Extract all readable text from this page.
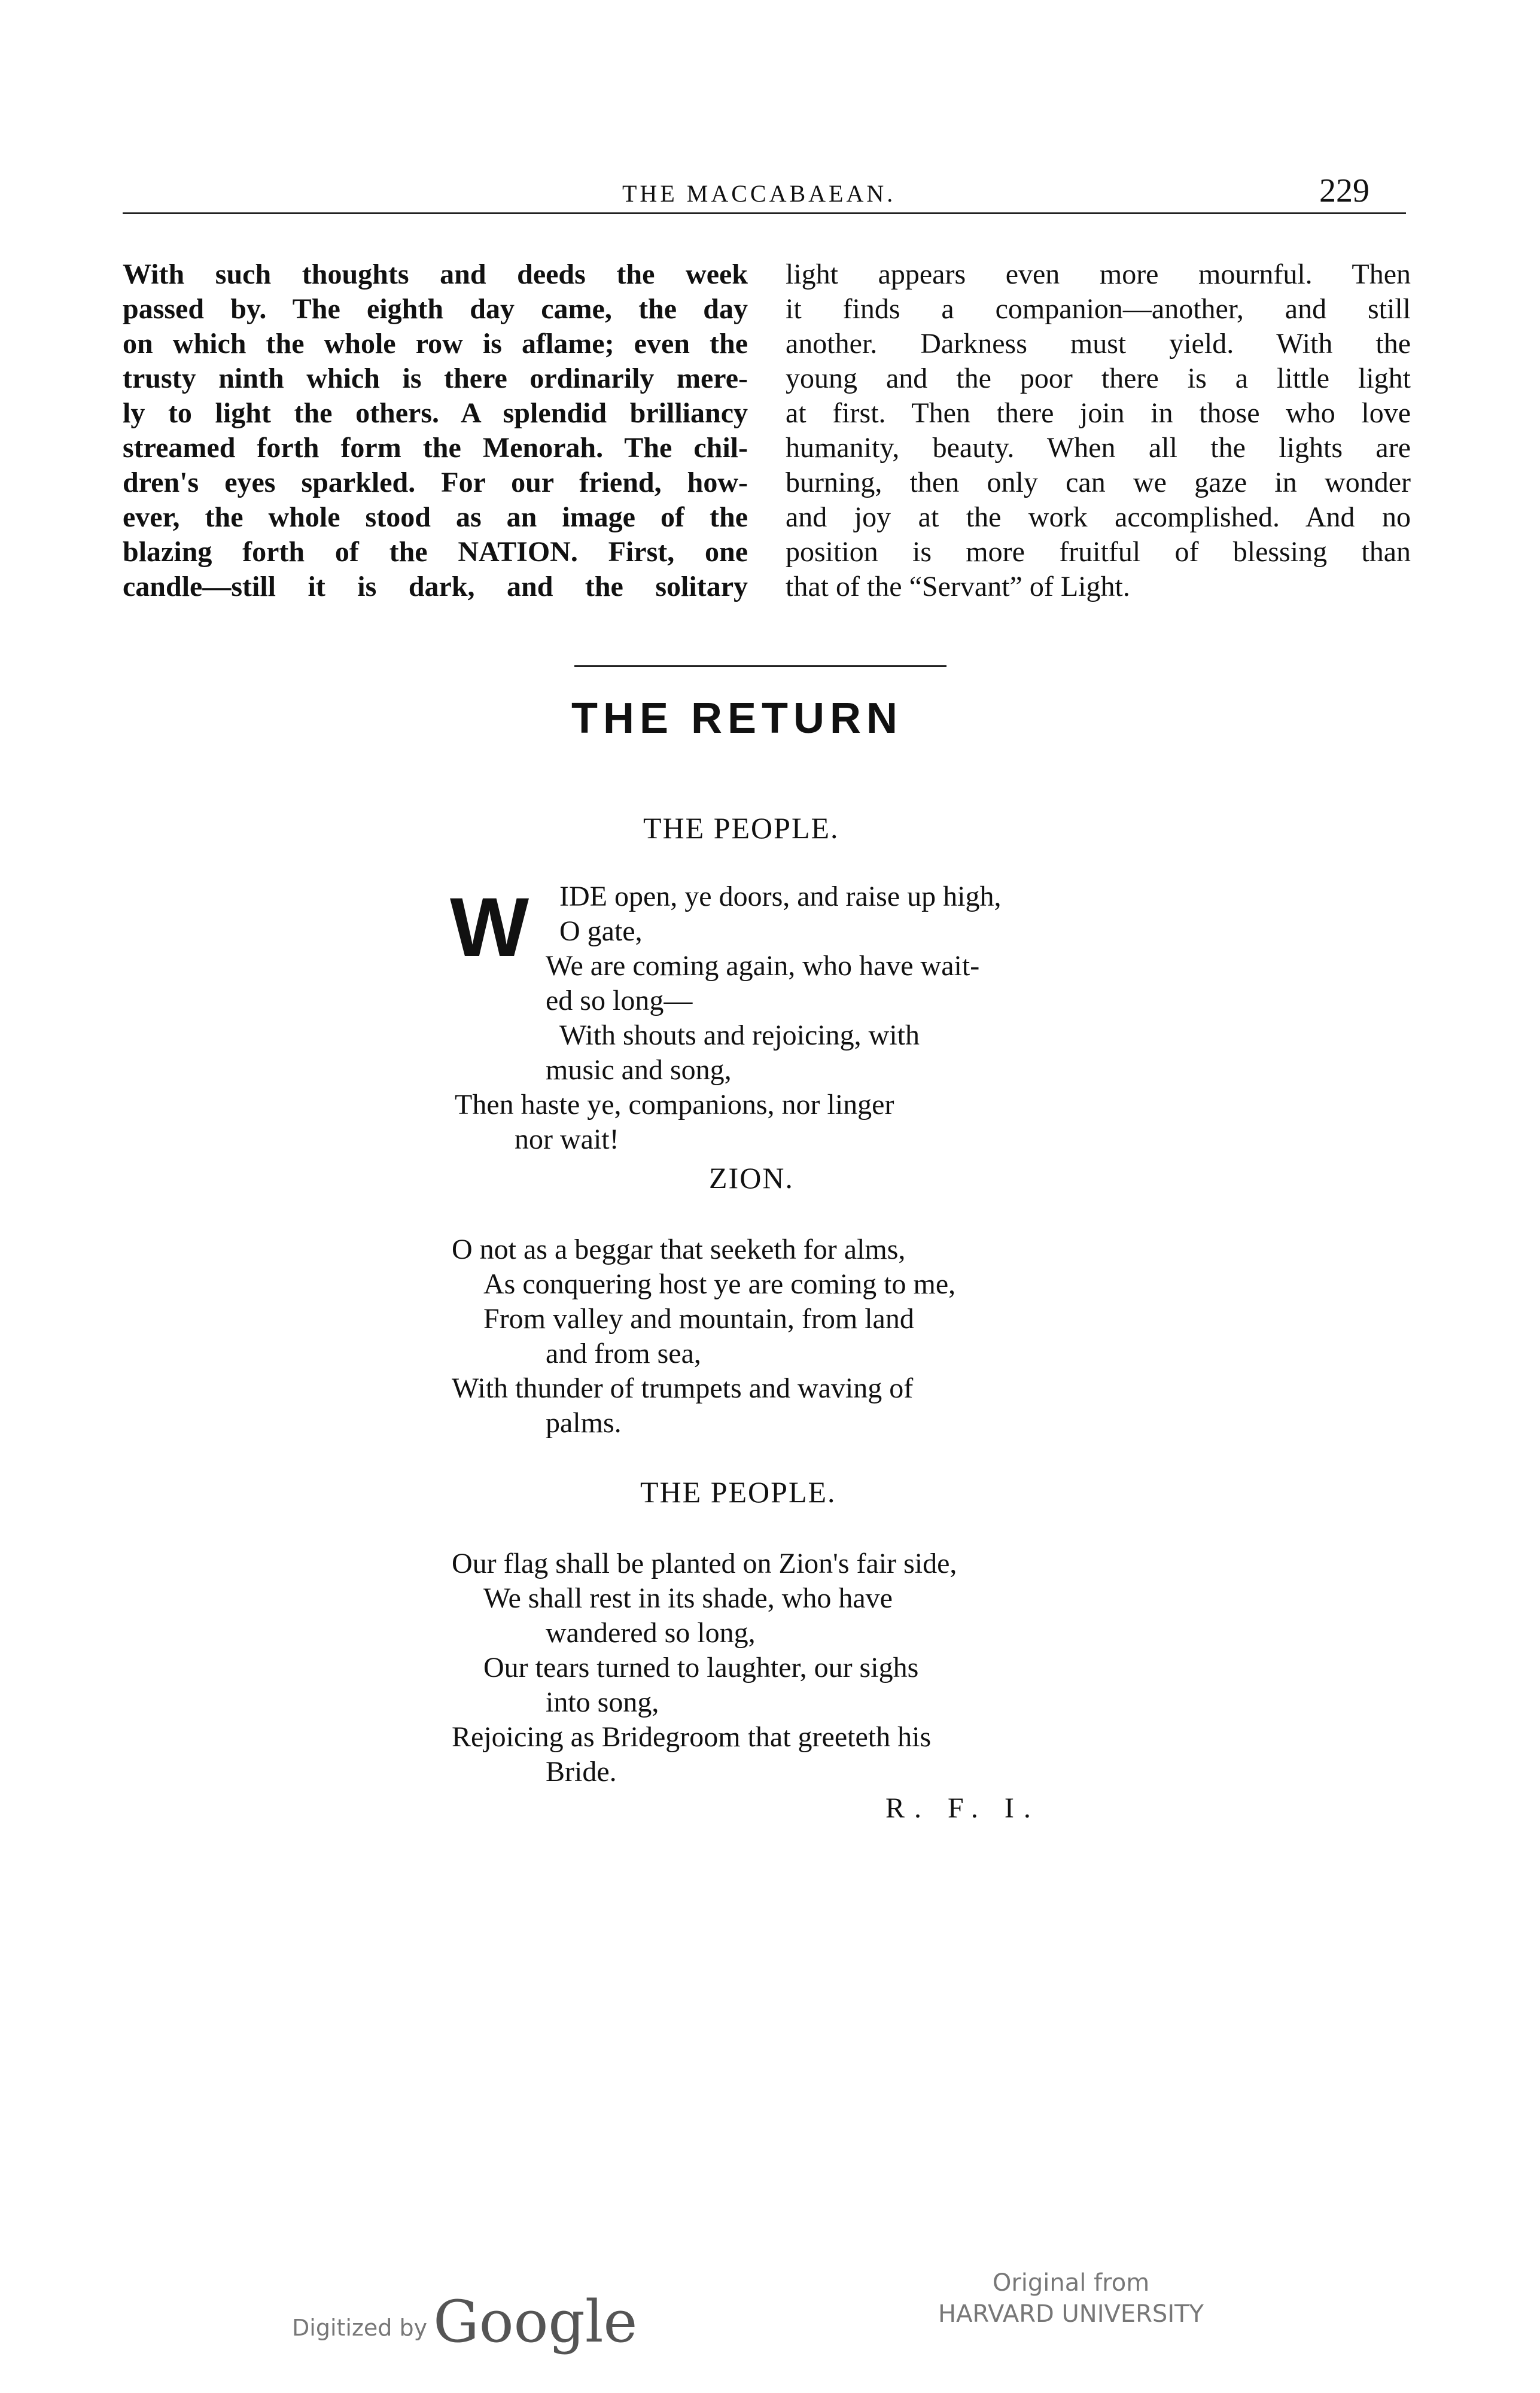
THE MACCABAEAN.	229
With such thoughts and deeds the week
passed by. The eighth day came, the day
on which the whole row is aflame; even the
trusty ninth which is there ordinarily mere-
ly to light the others. A splendid brilliancy
streamed forth form the Menorah. The chil-
dren's eyes sparkled. For our friend, how-
ever, the whole stood as an image of the
blazing forth of the NATION. First, one
candle—still it is dark, and the solitary
light appears even more mournful. Then
it finds a companion—another, and still
another. Darkness must yield. With the
young and the poor there is a little light
at first. Then there join in those who love
humanity, beauty. When all the lights are
burning, then only can we gaze in wonder
and joy at the work accomplished. And no
position is more fruitful of blessing than
that of the “Servant” of Light.
THE RETURN
THE PEOPLE.
W IDE open, ye doors, and raise up high,
O gate,
We are coming again, who have wait-
ed so long—
With shouts and rejoicing, with
music and song,
Then haste ye, companions, nor linger
nor wait!
ZION.
O not as a beggar that seeketh for alms,
As conquering host ye are coming to me,
From valley and mountain, from land
and from sea,
With thunder of trumpets and waving of
palms.
THE PEOPLE.
Our flag shall be planted on Zion's fair side,
We shall rest in its shade, who have
wandered so long,
Our tears turned to laughter, our sighs
into song,
Rejoicing as Bridegroom that greeteth his
Bride.
R. F. I.
Digitized by Google
Original from
HARVARD UNIVERSITY
